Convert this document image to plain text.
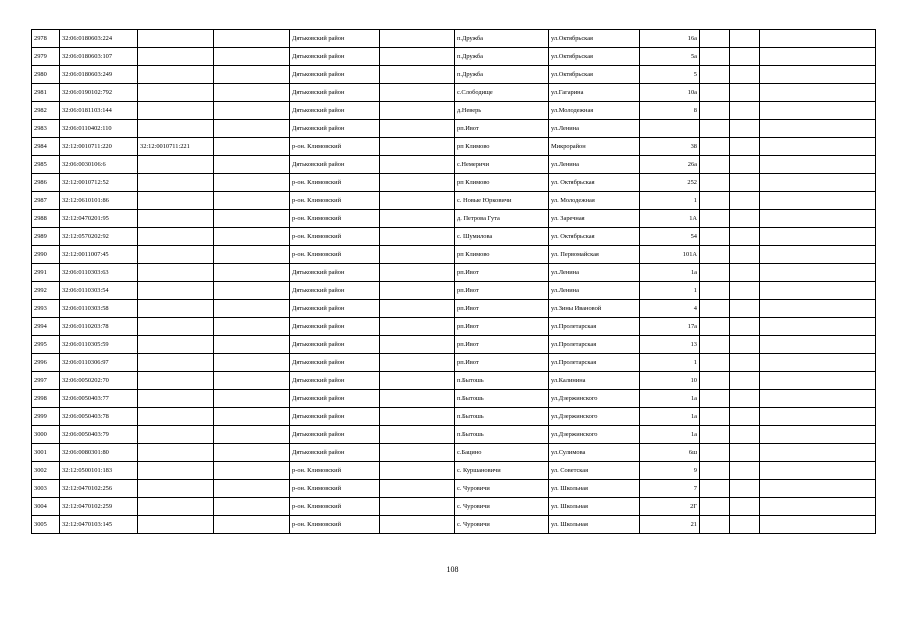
2978	32:06:0180603:224			Дятьковский район		п.Дружба	ул.Октябрьская	16а			
2979	32:06:0180603:107			Дятьковский район		п.Дружба	ул.Октябрьская	5а			
2980	32:06:0180603:249			Дятьковский район		п.Дружба	ул.Октябрьская	5			
2981	32:06:0190102:792			Дятьковский район		с.Слободище	ул.Гагарина	10а			
2982	32:06:0181103:144			Дятьковский район		д.Неверь	ул.Молодежная	8			
2983	32:06:0110402:110			Дятьковский район		рп.Ивот	ул.Ленина				
2984	32:12:0010711:220	32:12:0010711:221		р-он. Климовский		рп Климово	Микрорайон	38			
2985	32:06:0030106:6			Дятьковский район		с.Немеричи	ул.Ленина	26а			
2986	32:12:0010712:52			р-он. Климовский		рп Климово	ул. Октябрьская	252			
2987	32:12:0610101:86			р-он. Климовский		с. Новые Юрковичи	ул. Молодежная	1			
2988	32:12:0470201:95			р-он. Климовский		д. Петрова Гута	ул. Заречная	1А			
2989	32:12:0570202:92			р-он. Климовский		с. Шумилова	ул. Октябрьская	54			
2990	32:12:0011007:45			р-он. Климовский		рп Климово	ул. Первомайская	101А			
2991	32:06:0110303:63			Дятьковский район		рп.Ивот	ул.Ленина	1а			
2992	32:06:0110303:54			Дятьковский район		рп.Ивот	ул.Ленина	1			
2993	32:06:0110303:58			Дятьковский район		рп.Ивот	ул.Зины Ивановой	4			
2994	32:06:0110203:78			Дятьковский район		рп.Ивот	ул.Пролетарская	17а			
2995	32:06:0110305:59			Дятьковский район		рп.Ивот	ул.Пролетарская	13			
2996	32:06:0110306:97			Дятьковский район		рп.Ивот	ул.Пролетарская	1			
2997	32:06:0050202:70			Дятьковский район		п.Бытошь	ул.Калинина	10			
2998	32:06:0050403:77			Дятьковский район		п.Бытошь	ул.Дзержинского	1а			
2999	32:06:0050403:78			Дятьковский район		п.Бытошь	ул.Дзержинского	1а			
3000	32:06:0050403:79			Дятьковский район		п.Бытошь	ул.Дзержинского	1а			
3001	32:06:0080301:80			Дятьковский район		с.Бацино	ул.Сулимова	6ш			
3002	32:12:0500101:183			р-он. Климовский		с. Куршановичи	ул. Советская	9			
3003	32:12:0470102:256			р-он. Климовский		с. Чуровичи	ул. Школьная	7			
3004	32:12:0470102:259			р-он. Климовский		с. Чуровичи	ул. Школьная	2Г			
3005	32:12:0470103:145			р-он. Климовский		с. Чуровичи	ул. Школьная	21			
108
